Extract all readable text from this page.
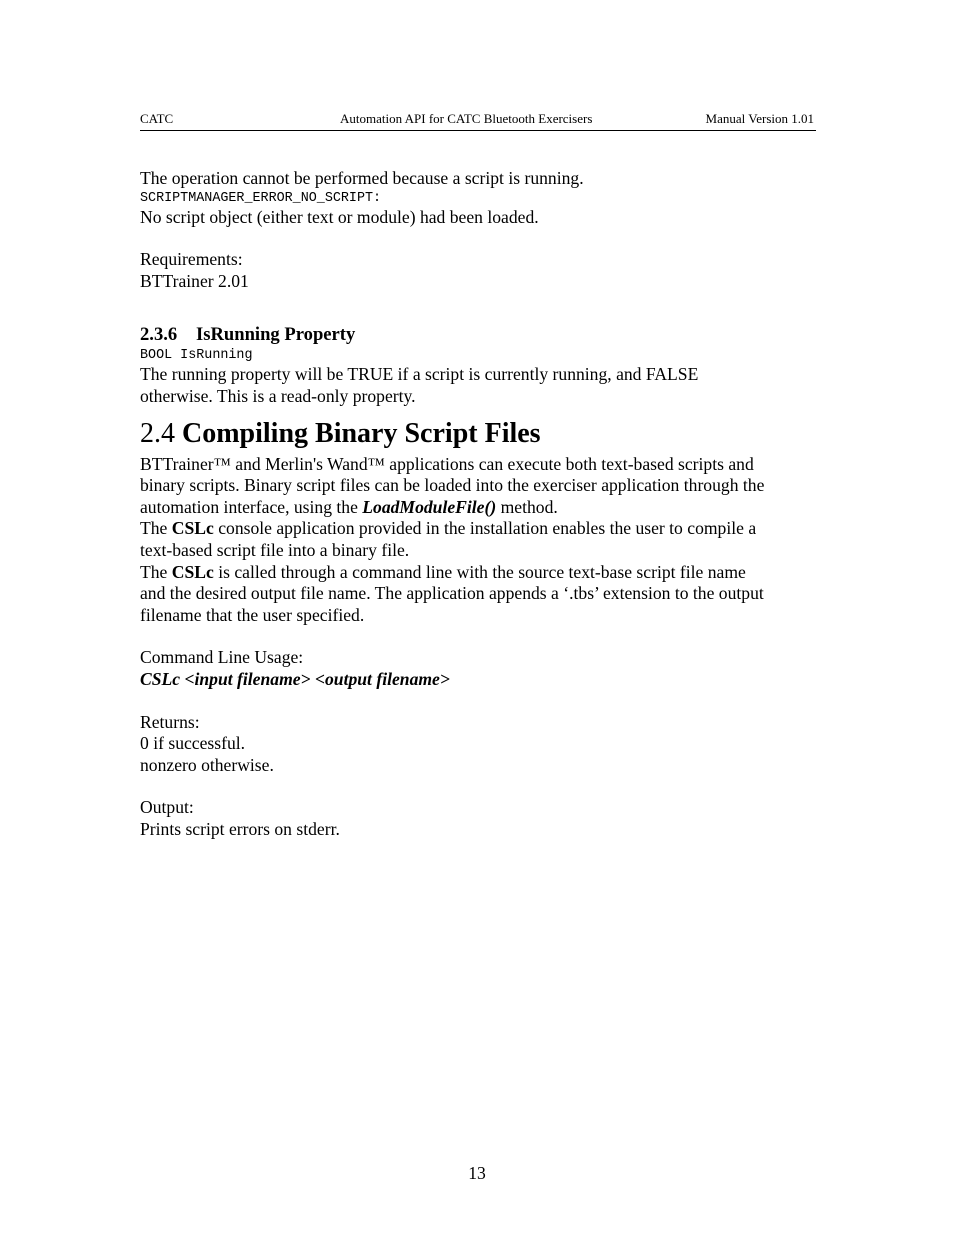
CATC	Automation API for CATC Bluetooth Exercisers	Manual Version 1.01

The operation cannot be performed because a script is running.

SCRIPTMANAGER_ERROR_NO_SCRIPT:

No script object (either text or module) had been loaded.

Requirements:

BTTrainer 2.01

2.3.6 IsRunning Property
BOOL IsRunning

The running property will be TRUE if a script is currently running, and FALSE

otherwise. This is a read-only property.

2.4 Compiling Binary Script Files

BTTrainer™ and Merlin's Wand™ applications can execute both text-based scripts and

binary scripts. Binary script files can be loaded into the exerciser application through the

automation interface, using the LoadModuleFile() method.

The CSLc console application provided in the installation enables the user to compile a

text-based script file into a binary file.

The CSLc is called through a command line with the source text-base script file name

and the desired output file name. The application appends a ‘.tbs’ extension to the output

filename that the user specified.

Command Line Usage:

CSLc <input filename> <output filename>

Returns:

0 if successful.

nonzero otherwise.

Output:

Prints script errors on stderr.

13
